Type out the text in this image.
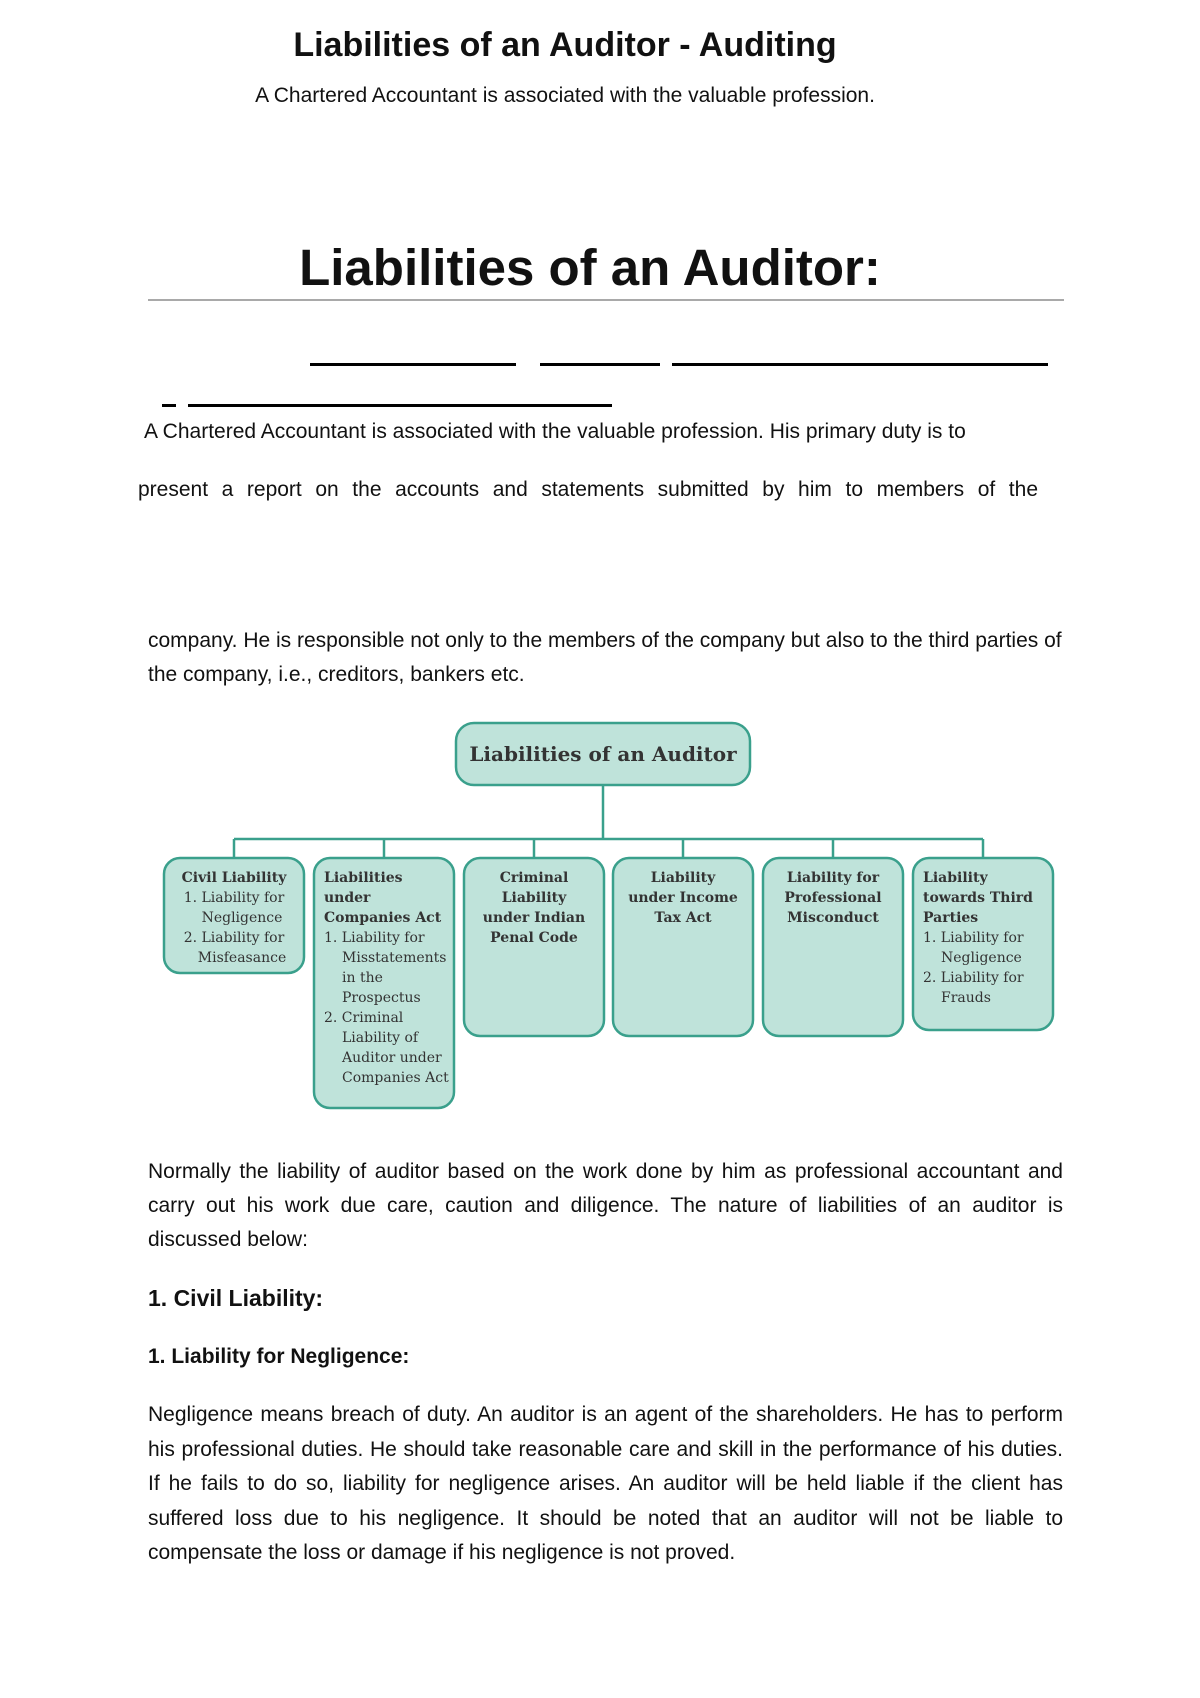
Liabilities of an Auditor - Auditing

A Chartered Accountant is associated with the valuable profession.

Liabilities of an Auditor:

A Chartered Accountant is associated with the valuable profession. His primary duty is to

present a report on the accounts and statements submitted by him to members of the

company. He is responsible not only to the members of the company but also to the third parties of the company, i.e., creditors, bankers etc.

Liabilities of an Auditor
Civil Liability
1. Liability for
Negligence
2. Liability for
Misfeasance
Liabilities
under
Companies Act
1. Liability for
Misstatements
in the
Prospectus
2. Criminal
Liability of
Auditor under
Companies Act
Criminal
Liability
under Indian
Penal Code
Liability
under Income
Tax Act
Liability for
Professional
Misconduct
Liability
towards Third
Parties
1. Liability for
Negligence
2. Liability for
Frauds

Normally the liability of auditor based on the work done by him as professional accountant and carry out his work due care, caution and diligence. The nature of liabilities of an auditor is discussed below:

1. Civil Liability:
1. Liability for Negligence:

Negligence means breach of duty. An auditor is an agent of the shareholders. He has to perform his professional duties. He should take reasonable care and skill in the performance of his duties. If he fails to do so, liability for negligence arises. An auditor will be held liable if the client has suffered loss due to his negligence. It should be noted that an auditor will not be liable to compensate the loss or damage if his negligence is not proved.
